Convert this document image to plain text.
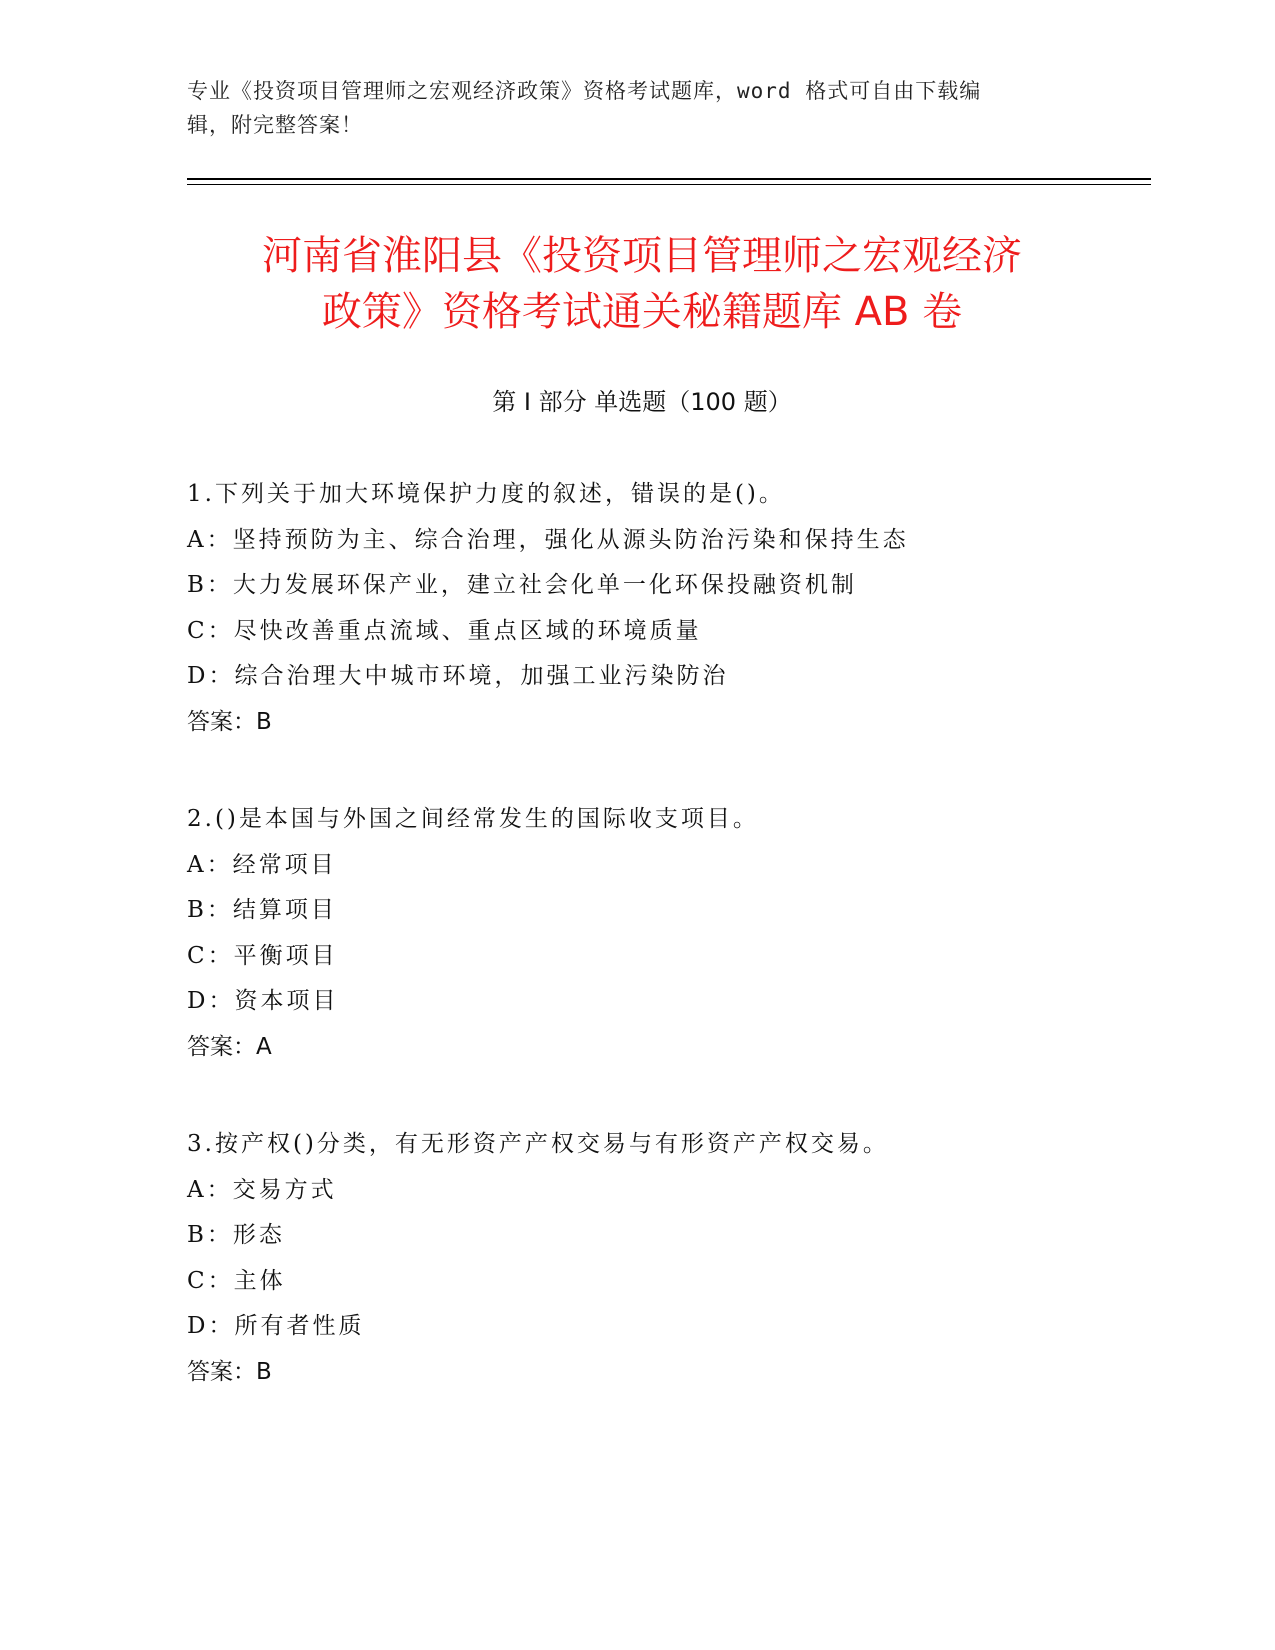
专业《投资项目管理师之宏观经济政策》资格考试题库，word 格式可自由下载编
辑，附完整答案！
河南省淮阳县《投资项目管理师之宏观经济
政策》资格考试通关秘籍题库 AB 卷
第 I 部分 单选题（100 题）
1.下列关于加大环境保护力度的叙述，错误的是()。
A：坚持预防为主、综合治理，强化从源头防治污染和保持生态
B：大力发展环保产业，建立社会化单一化环保投融资机制
C：尽快改善重点流域、重点区域的环境质量
D：综合治理大中城市环境，加强工业污染防治
答案：B
2.()是本国与外国之间经常发生的国际收支项目。
A：经常项目
B：结算项目
C：平衡项目
D：资本项目
答案：A
3.按产权()分类，有无形资产产权交易与有形资产产权交易。
A：交易方式
B：形态
C：主体
D：所有者性质
答案：B
